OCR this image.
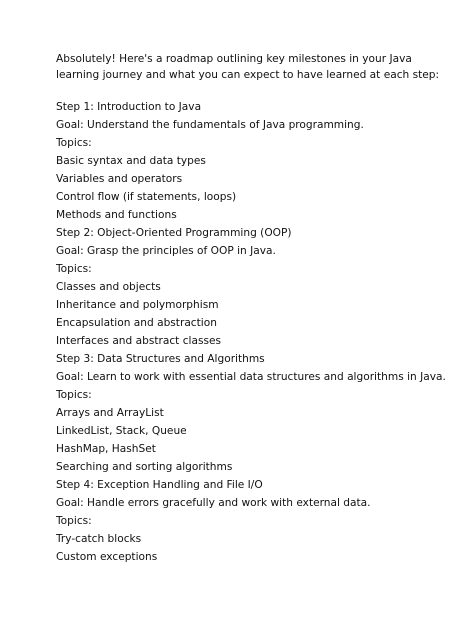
Absolutely! Here's a roadmap outlining key milestones in your Java
learning journey and what you can expect to have learned at each step:
Step 1: Introduction to Java
Goal: Understand the fundamentals of Java programming.
Topics:
Basic syntax and data types
Variables and operators
Control flow (if statements, loops)
Methods and functions
Step 2: Object-Oriented Programming (OOP)
Goal: Grasp the principles of OOP in Java.
Topics:
Classes and objects
Inheritance and polymorphism
Encapsulation and abstraction
Interfaces and abstract classes
Step 3: Data Structures and Algorithms
Goal: Learn to work with essential data structures and algorithms in Java.
Topics:
Arrays and ArrayList
LinkedList, Stack, Queue
HashMap, HashSet
Searching and sorting algorithms
Step 4: Exception Handling and File I/O
Goal: Handle errors gracefully and work with external data.
Topics:
Try-catch blocks
Custom exceptions
